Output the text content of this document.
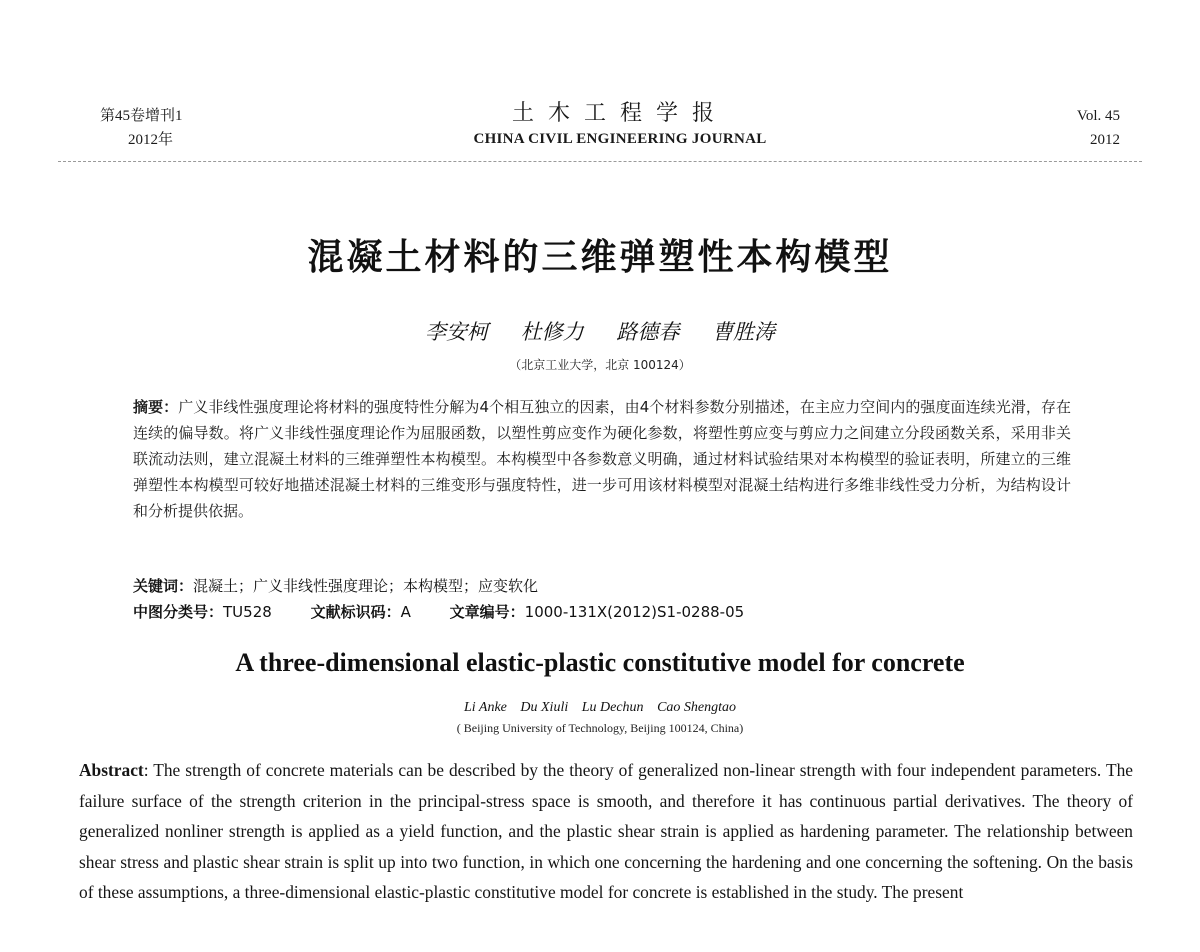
第45卷增刊1
2012年
土木工程学报
CHINA CIVIL ENGINEERING JOURNAL
Vol. 45
2012
混凝土材料的三维弹塑性本构模型
李安柯 杜修力 路德春 曹胜涛
（北京工业大学，北京 100124）
摘要：广义非线性强度理论将材料的强度特性分解为4个相互独立的因素，由4个材料参数分别描述，在主应力空间内的强度面连续光滑，存在连续的偏导数。将广义非线性强度理论作为屈服函数，以塑性剪应变作为硬化参数，将塑性剪应变与剪应力之间建立分段函数关系，采用非关联流动法则，建立混凝土材料的三维弹塑性本构模型。本构模型中各参数意义明确，通过材料试验结果对本构模型的验证表明，所建立的三维弹塑性本构模型可较好地描述混凝土材料的三维变形与强度特性，进一步可用该材料模型对混凝土结构进行多维非线性受力分析，为结构设计和分析提供依据。
关键词：混凝土；广义非线性强度理论；本构模型；应变软化
中图分类号：TU528	文献标识码：A	文章编号：1000-131X(2012)S1-0288-05
A three-dimensional elastic-plastic constitutive model for concrete
Li Anke Du Xiuli Lu Dechun Cao Shengtao
( Beijing University of Technology, Beijing 100124, China)
Abstract: The strength of concrete materials can be described by the theory of generalized non-linear strength with four independent parameters. The failure surface of the strength criterion in the principal-stress space is smooth, and therefore it has continuous partial derivatives. The theory of generalized nonliner strength is applied as a yield function, and the plastic shear strain is applied as hardening parameter. The relationship between shear stress and plastic shear strain is split up into two function, in which one concerning the hardening and one concerning the softening. On the basis of these assumptions, a three-dimensional elastic-plastic constitutive model for concrete is established in the study. The present
